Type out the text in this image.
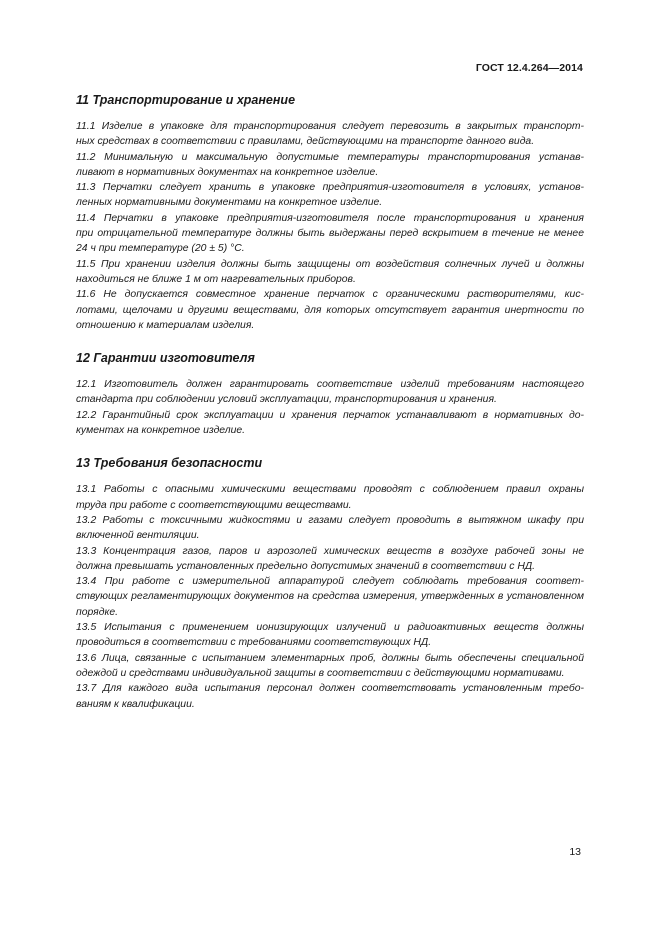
ГОСТ 12.4.264—2014
11 Транспортирование и хранение
11.1 Изделие в упаковке для транспортирования следует перевозить в закрытых транспорт-
ных средствах в соответствии с правилами, действующими на транспорте данного вида.
11.2 Минимальную и максимальную допустимые температуры транспортирования устанав-
ливают в нормативных документах на конкретное изделие.
11.3 Перчатки следует хранить в упаковке предприятия-изготовителя в условиях, установ-
ленных нормативными документами на конкретное изделие.
11.4 Перчатки в упаковке предприятия-изготовителя после транспортирования и хранения
при отрицательной температуре должны быть выдержаны перед вскрытием в течение не менее
24 ч при температуре (20 ± 5) °С.
11.5 При хранении изделия должны быть защищены от воздействия солнечных лучей и должны
находиться не ближе 1 м от нагревательных приборов.
11.6 Не допускается совместное хранение перчаток с органическими растворителями, кис-
лотами, щелочами и другими веществами, для которых отсутствует гарантия инертности по
отношению к материалам изделия.
12 Гарантии изготовителя
12.1 Изготовитель должен гарантировать соответствие изделий требованиям настоящего
стандарта при соблюдении условий эксплуатации, транспортирования и хранения.
12.2 Гарантийный срок эксплуатации и хранения перчаток устанавливают в нормативных до-
кументах на конкретное изделие.
13 Требования безопасности
13.1 Работы с опасными химическими веществами проводят с соблюдением правил охраны
труда при работе с соответствующими веществами.
13.2 Работы с токсичными жидкостями и газами следует проводить в вытяжном шкафу при
включенной вентиляции.
13.3 Концентрация газов, паров и аэрозолей химических веществ в воздухе рабочей зоны не
должна превышать установленных предельно допустимых значений в соответствии с НД.
13.4 При работе с измерительной аппаратурой следует соблюдать требования соответ-
ствующих регламентирующих документов на средства измерения, утвержденных в установленном
порядке.
13.5 Испытания с применением ионизирующих излучений и радиоактивных веществ должны
проводиться в соответствии с требованиями соответствующих НД.
13.6 Лица, связанные с испытанием элементарных проб, должны быть обеспечены специальной
одеждой и средствами индивидуальной защиты в соответствии с действующими нормативами.
13.7 Для каждого вида испытания персонал должен соответствовать установленным требо-
ваниям к квалификации.
13
